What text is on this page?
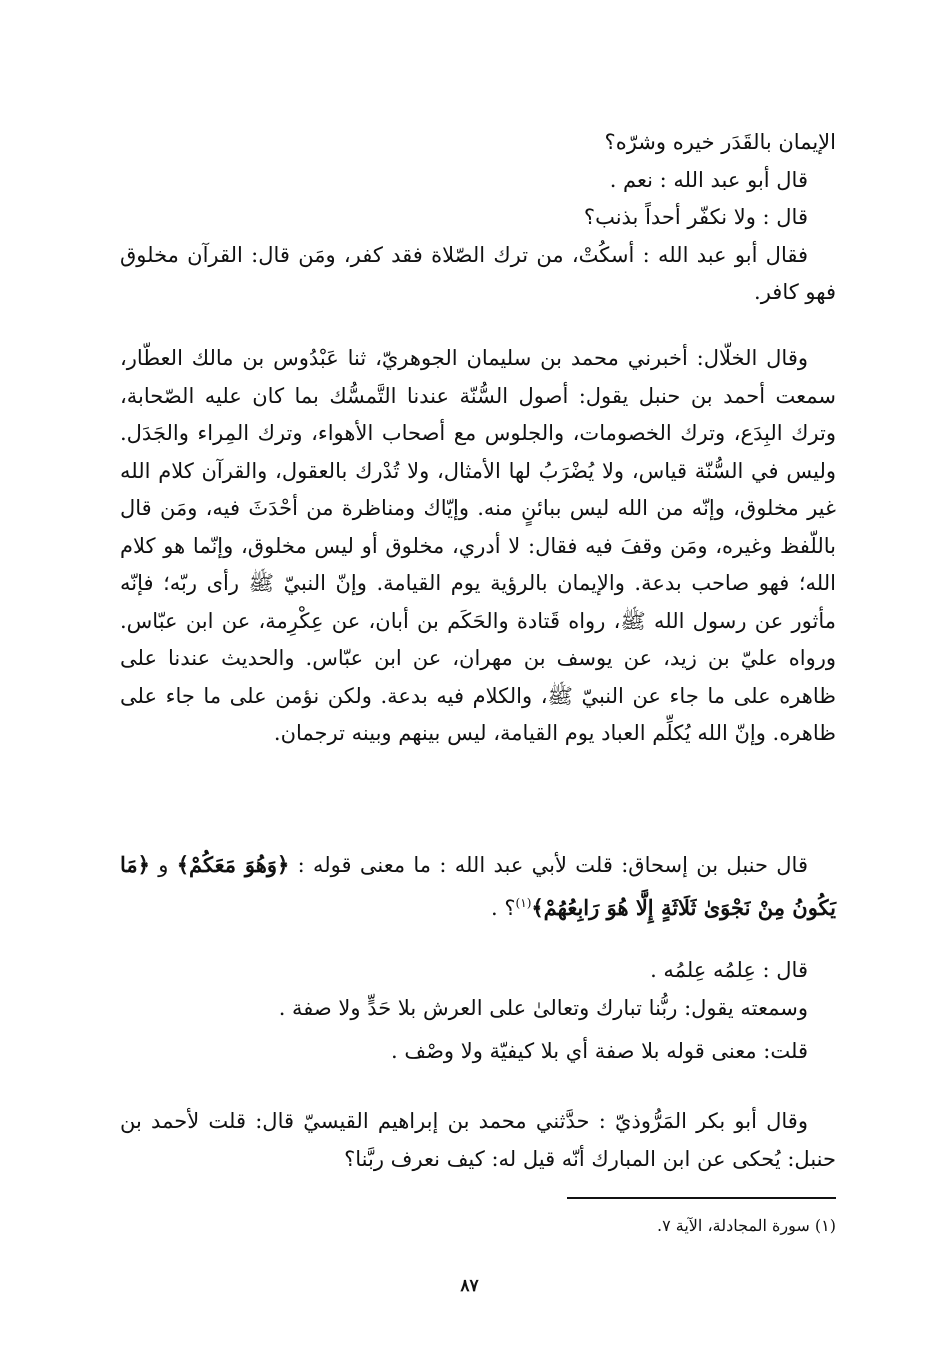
الإيمان بالقَدَر خيره وشرّه؟

قال أبو عبد الله : نعم .

قال : ولا نكفّر أحداً بذنب؟

فقال أبو عبد الله : أسكُتْ، من ترك الصّلاة فقد كفر، ومَن قال: القرآن مخلوق فهو كافر.

وقال الخلّال: أخبرني محمد بن سليمان الجوهريّ، ثنا عَبْدُوس بن مالك العطّار، سمعت أحمد بن حنبل يقول: أصول السُّنّة عندنا التَّمسُّك بما كان عليه الصّحابة، وترك البِدَع، وترك الخصومات، والجلوس مع أصحاب الأهواء، وترك المِراء والجَدَل. وليس في السُّنّة قياس، ولا يُضْرَبُ لها الأمثال، ولا تُدْرك بالعقول، والقرآن كلام الله غير مخلوق، وإنّه من الله ليس ببائنٍ منه. وإيّاك ومناظرة من أحْدَثَ فيه، ومَن قال باللّفظ وغيره، ومَن وقفَ فيه فقال: لا أدري، مخلوق أو ليس مخلوق، وإنّما هو كلام الله؛ فهو صاحب بدعة. والإيمان بالرؤية يوم القيامة. وإنّ النبيّ ﷺ رأى ربّه؛ فإنّه مأثور عن رسول الله ﷺ، رواه قَتادة والحَكَم بن أبان، عن عِكْرِمة، عن ابن عبّاس. ورواه عليّ بن زيد، عن يوسف بن مهران، عن ابن عبّاس. والحديث عندنا على ظاهره على ما جاء عن النبيّ ﷺ، والكلام فيه بدعة. ولكن نؤمن على ما جاء على ظاهره. وإنّ الله يُكلِّم العباد يوم القيامة، ليس بينهم وبينه ترجمان.

قال حنبل بن إسحاق: قلت لأبي عبد الله : ما معنى قوله : ﴿وَهُوَ مَعَكُمْ﴾ و ﴿مَا يَكُونُ مِنْ نَجْوَىٰ ثَلَاثَةٍ إِلَّا هُوَ رَابِعُهُمْ﴾$^{(١)}$؟ .

قال : عِلمُه عِلمُه .

وسمعته يقول: ربُّنا تبارك وتعالىٰ على العرش بلا حَدٍّ ولا صفة .

قلت: معنى قوله بلا صفة أي بلا كيفيّة ولا وصْف .

وقال أبو بكر المَرُّوذيّ : حدَّثني محمد بن إبراهيم القيسيّ قال: قلت لأحمد بن حنبل: يُحكى عن ابن المبارك أنّه قيل له: كيف نعرف ربَّنا؟

(١) سورة المجادلة، الآية ٧.
٨٧
